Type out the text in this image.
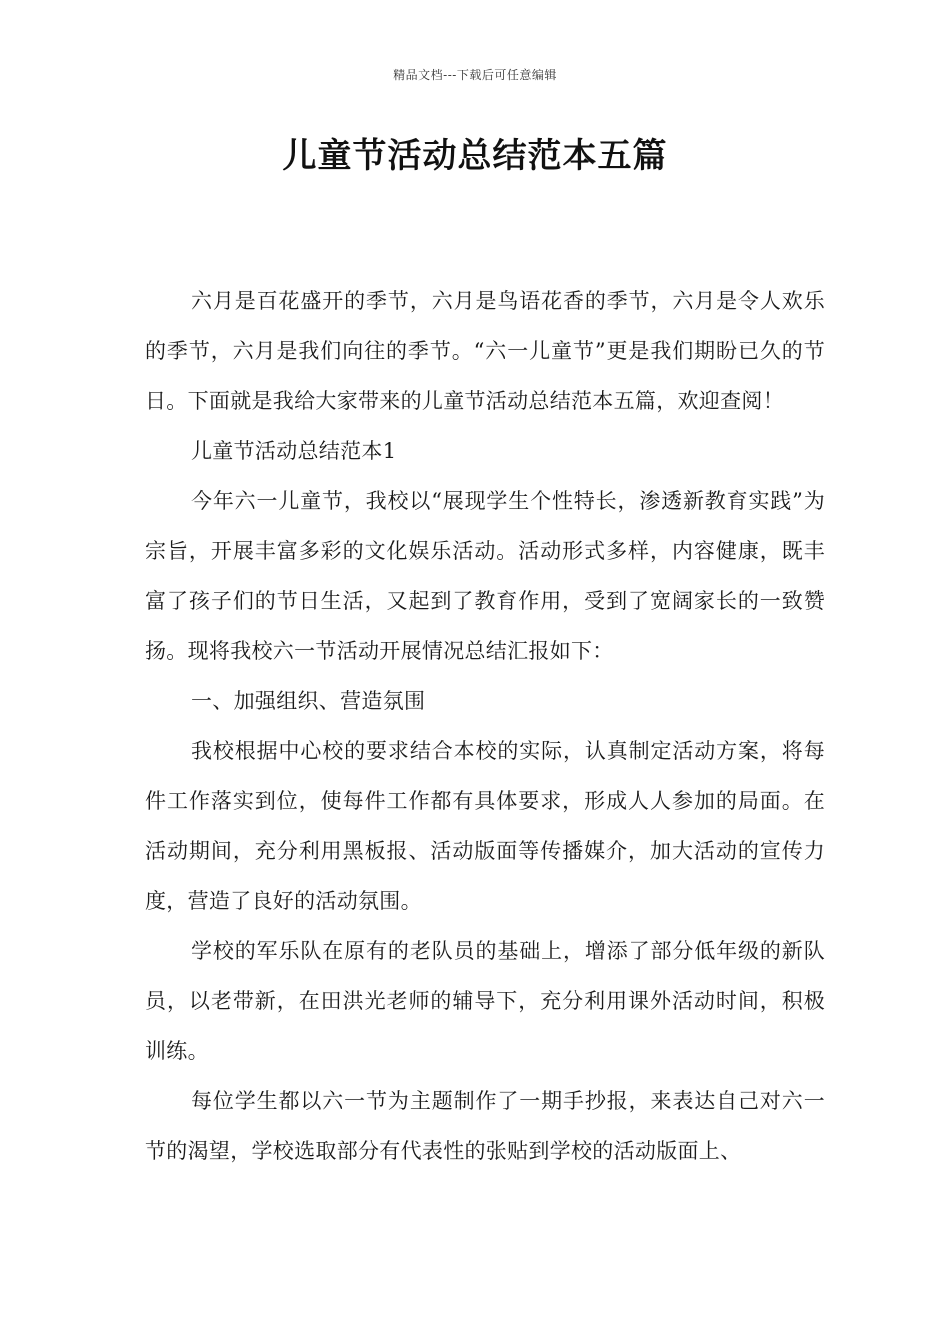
精品文档---下载后可任意编辑
儿童节活动总结范本五篇

六月是百花盛开的季节，六月是鸟语花香的季节，六月是令人欢乐的季节，六月是我们向往的季节。“六一儿童节”更是我们期盼已久的节日。下面就是我给大家带来的儿童节活动总结范本五篇，欢迎查阅！

儿童节活动总结范本1

今年六一儿童节，我校以“展现学生个性特长，渗透新教育实践”为宗旨，开展丰富多彩的文化娱乐活动。活动形式多样，内容健康，既丰富了孩子们的节日生活，又起到了教育作用，受到了宽阔家长的一致赞扬。现将我校六一节活动开展情况总结汇报如下：

一、加强组织、营造氛围

我校根据中心校的要求结合本校的实际，认真制定活动方案，将每件工作落实到位，使每件工作都有具体要求，形成人人参加的局面。在活动期间，充分利用黑板报、活动版面等传播媒介，加大活动的宣传力度，营造了良好的活动氛围。

学校的军乐队在原有的老队员的基础上，增添了部分低年级的新队员，以老带新，在田洪光老师的辅导下，充分利用课外活动时间，积极训练。

每位学生都以六一节为主题制作了一期手抄报，来表达自己对六一节的渴望，学校选取部分有代表性的张贴到学校的活动版面上、
